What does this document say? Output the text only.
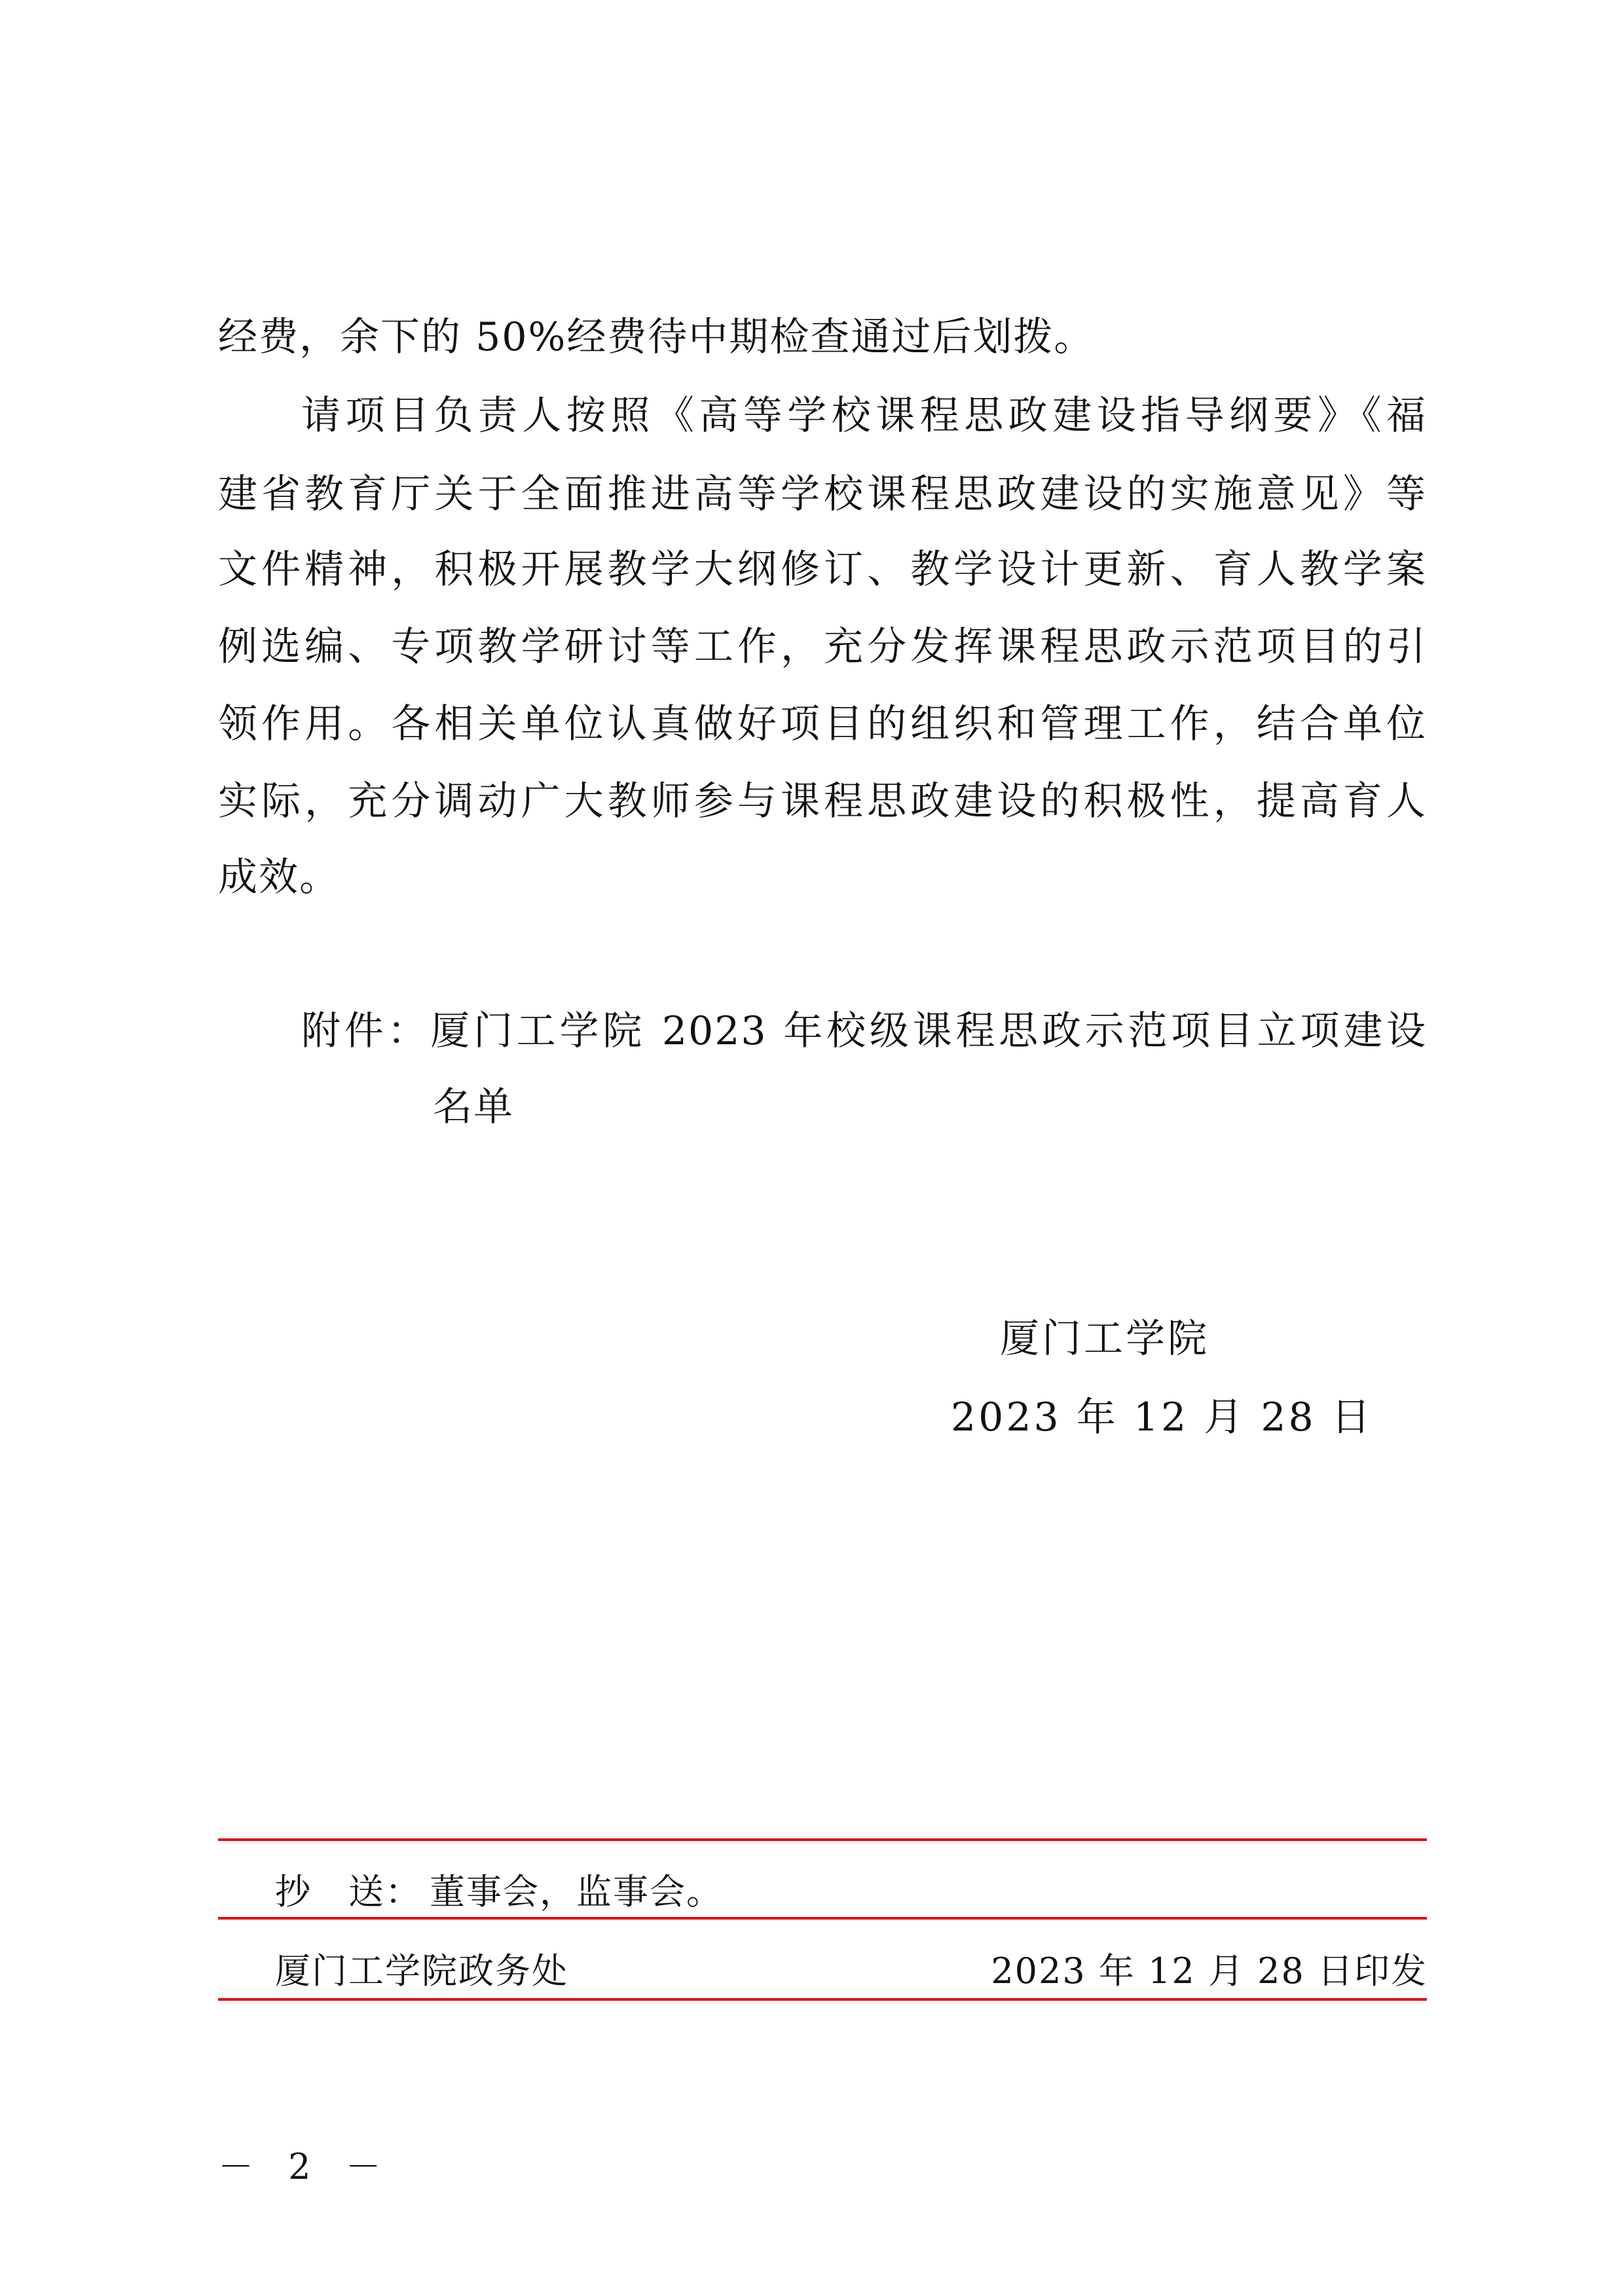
经费，余下的 50%经费待中期检查通过后划拨。
请项目负责人按照《高等学校课程思政建设指导纲要》《福
建省教育厅关于全面推进高等学校课程思政建设的实施意见》等
文件精神，积极开展教学大纲修订、教学设计更新、育人教学案
例选编、专项教学研讨等工作，充分发挥课程思政示范项目的引
领作用。各相关单位认真做好项目的组织和管理工作，结合单位
实际，充分调动广大教师参与课程思政建设的积极性，提高育人
成效。
附件：厦门工学院 2023 年校级课程思政示范项目立项建设
名单
厦门工学院
2023 年 12 月 28 日
抄　送： 董事会，监事会。
厦门工学院政务处	2023 年 12 月 28 日印发
－ 2 －
